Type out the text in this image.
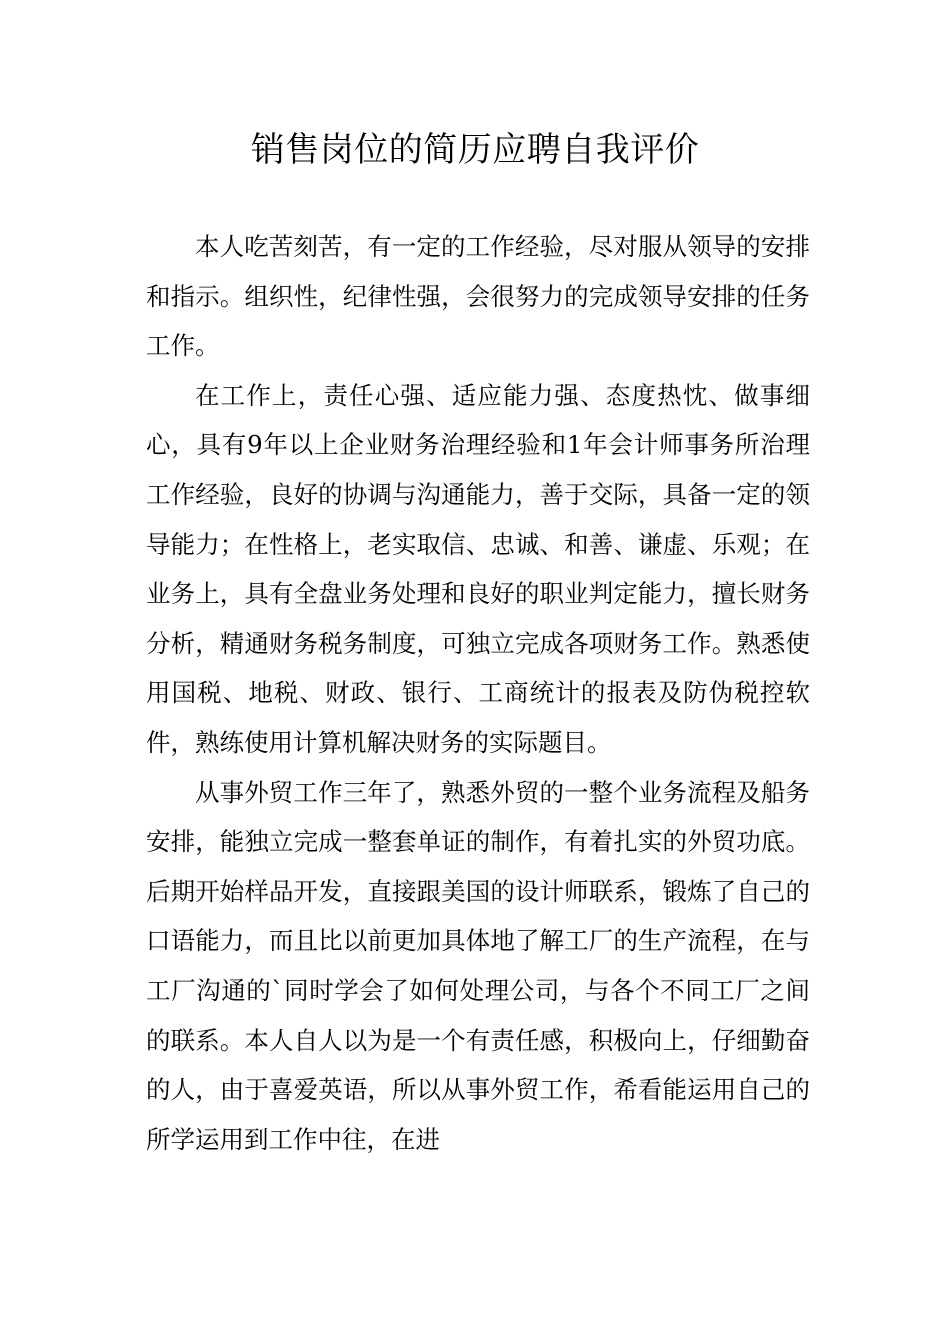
销售岗位的简历应聘自我评价

本人吃苦刻苦，有一定的工作经验，尽对服从领导的安排和指示。组织性，纪律性强，会很努力的完成领导安排的任务工作。

在工作上，责任心强、适应能力强、态度热忱、做事细心，具有9年以上企业财务治理经验和1年会计师事务所治理工作经验，良好的协调与沟通能力，善于交际，具备一定的领导能力；在性格上，老实取信、忠诚、和善、谦虚、乐观；在业务上，具有全盘业务处理和良好的职业判定能力，擅长财务分析，精通财务税务制度，可独立完成各项财务工作。熟悉使用国税、地税、财政、银行、工商统计的报表及防伪税控软件，熟练使用计算机解决财务的实际题目。

从事外贸工作三年了，熟悉外贸的一整个业务流程及船务安排，能独立完成一整套单证的制作，有着扎实的外贸功底。后期开始样品开发，直接跟美国的设计师联系，锻炼了自己的口语能力，而且比以前更加具体地了解工厂的生产流程，在与工厂沟通的`同时学会了如何处理公司，与各个不同工厂之间的联系。本人自人以为是一个有责任感，积极向上，仔细勤奋的人，由于喜爱英语，所以从事外贸工作，希看能运用自己的所学运用到工作中往，在进
